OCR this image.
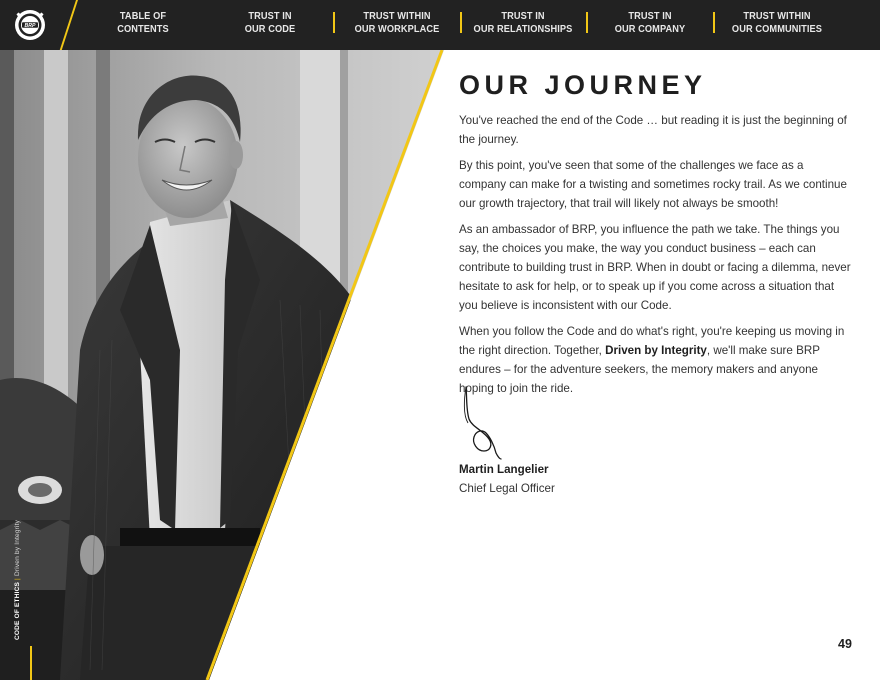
BRP
TABLE OF
CONTENTS
TRUST IN
OUR CODE
TRUST WITHIN
OUR WORKPLACE
TRUST IN
OUR RELATIONSHIPS
TRUST IN
OUR COMPANY
TRUST WITHIN
OUR COMMUNITIES
CODE OF ETHICS|Driven by Integrity
OUR JOURNEY

You've reached the end of the Code … but reading it is just the beginning of the journey.

By this point, you've seen that some of the challenges we face as a company can make for a twisting and sometimes rocky trail. As we continue our growth trajectory, that trail will likely not always be smooth!

As an ambassador of BRP, you influence the path we take. The things you say, the choices you make, the way you conduct business – each can contribute to building trust in BRP. When in doubt or facing a dilemma, never hesitate to ask for help, or to speak up if you come across a situation that you believe is inconsistent with our Code.

When you follow the Code and do what's right, you're keeping us moving in the right direction. Together, Driven by Integrity, we'll make sure BRP endures – for the adventure seekers, the memory makers and anyone hoping to join the ride.

Martin Langelier
Chief Legal Officer
49
